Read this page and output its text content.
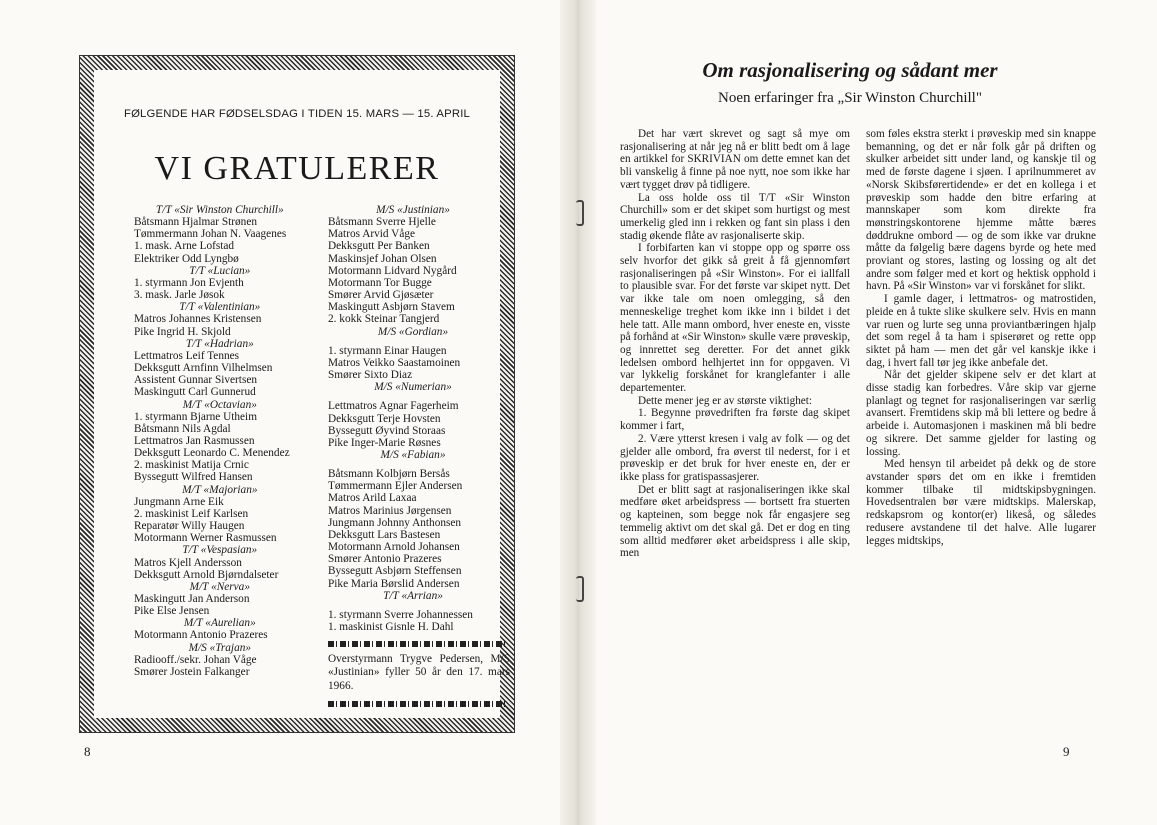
FØLGENDE HAR FØDSELSDAG I TIDEN 15. MARS — 15. APRIL
VI GRATULERER
T/T «Sir Winston Churchill»
Båtsmann Hjalmar Strønen
Tømmermann Johan N. Vaagenes
1. mask. Arne Lofstad
Elektriker Odd Lyngbø
T/T «Lucian»
1. styrmann Jon Evjenth
3. mask. Jarle Jøsok
T/T «Valentinian»
Matros Johannes Kristensen
Pike Ingrid H. Skjold
T/T «Hadrian»
Lettmatros Leif Tennes
Dekksgutt Arnfinn Vilhelmsen
Assistent Gunnar Sivertsen
Maskingutt Carl Gunnerud
M/T «Octavian»
1. styrmann Bjarne Utheim
Båtsmann Nils Agdal
Lettmatros Jan Rasmussen
Dekksgutt Leonardo C. Menendez
2. maskinist Matija Crnic
Byssegutt Wilfred Hansen
M/T «Majorian»
Jungmann Arne Eik
2. maskinist Leif Karlsen
Reparatør Willy Haugen
Motormann Werner Rasmussen
T/T «Vespasian»
Matros Kjell Andersson
Dekksgutt Arnold Bjørndalseter
M/T «Nerva»
Maskingutt Jan Anderson
Pike Else Jensen
M/T «Aurelian»
Motormann Antonio Prazeres
M/S «Trajan»
Radiooff./sekr. Johan Våge
Smører Jostein Falkanger
M/S «Justinian»
Båtsmann Sverre Hjelle
Matros Arvid Våge
Dekksgutt Per Banken
Maskinsjef Johan Olsen
Motormann Lidvard Nygård
Motormann Tor Bugge
Smører Arvid Gjøsæter
Maskingutt Asbjørn Stavem
2. kokk Steinar Tangjerd
M/S «Gordian»
1. styrmann Einar Haugen
Matros Veikko Saastamoinen
Smører Sixto Diaz
M/S «Numerian»
Lettmatros Agnar Fagerheim
Dekksgutt Terje Hovsten
Byssegutt Øyvind Storaas
Pike Inger-Marie Røsnes
M/S «Fabian»
Båtsmann Kolbjørn Bersås
Tømmermann Ejler Andersen
Matros Arild Laxaa
Matros Marinius Jørgensen
Jungmann Johnny Anthonsen
Dekksgutt Lars Bastesen
Motormann Arnold Johansen
Smører Antonio Prazeres
Byssegutt Asbjørn Steffensen
Pike Maria Børslid Andersen
T/T «Arrian»
1. styrmann Sverre Johannessen
1. maskinist Gisnle H. Dahl
Overstyrmann Trygve Pedersen, M/S «Justinian» fyller 50 år den 17. mars 1966.
8
Om rasjonalisering og sådant mer
Noen erfaringer fra „Sir Winston Churchill"

Det har vært skrevet og sagt så mye om rasjonalisering at når jeg nå er blitt bedt om å lage en artikkel for SKRIVIAN om dette emnet kan det bli vanskelig å finne på noe nytt, noe som ikke har vært tygget drøv på tidligere.

La oss holde oss til T/T «Sir Winston Churchill» som er det skipet som hurtigst og mest umerkelig gled inn i rekken og fant sin plass i den stadig økende flåte av rasjonaliserte skip.

I forbifarten kan vi stoppe opp og spørre oss selv hvorfor det gikk så greit å få gjennomført rasjonaliseringen på «Sir Winston». For ei iallfall to plausible svar. For det første var skipet nytt. Det var ikke tale om noen omlegging, så den menneskelige treghet kom ikke inn i bildet i det hele tatt. Alle mann ombord, hver eneste en, visste på forhånd at «Sir Winston» skulle være prøveskip, og innrettet seg deretter. For det annet gikk ledelsen ombord helhjertet inn for oppgaven. Vi var lykkelig forskånet for kranglefanter i alle departementer.

Dette mener jeg er av største viktighet:

1. Begynne prøvedriften fra første dag skipet kommer i fart,

2. Være ytterst kresen i valg av folk — og det gjelder alle ombord, fra øverst til nederst, for i et prøveskip er det bruk for hver eneste en, der er ikke plass for gratispassasjerer.

Det er blitt sagt at rasjonaliseringen ikke skal medføre øket arbeidspress — bortsett fra stuerten og kapteinen, som begge nok får engasjere seg temmelig aktivt om det skal gå. Det er dog en ting som alltid medfører øket arbeidspress i alle skip, men

som føles ekstra sterkt i prøveskip med sin knappe bemanning, og det er når folk går på driften og skulker arbeidet sitt under land, og kanskje til og med de første dagene i sjøen. I aprilnummeret av «Norsk Skibsførertidende» er det en kollega i et prøveskip som hadde den bitre erfaring at mannskaper som kom direkte fra mønstringskontorene hjemme måtte bæres døddrukne ombord — og de som ikke var drukne måtte da følgelig bære dagens byrde og hete med proviant og stores, lasting og lossing og alt det andre som følger med et kort og hektisk opphold i havn. På «Sir Winston» var vi forskånet for slikt.

I gamle dager, i lettmatros- og matrostiden, pleide en å tukte slike skulkere selv. Hvis en mann var ruen og lurte seg unna proviantbæringen hjalp det som regel å ta ham i spiserøret og rette opp siktet på ham — men det går vel kanskje ikke i dag, i hvert fall tør jeg ikke anbefale det.

Når det gjelder skipene selv er det klart at disse stadig kan forbedres. Våre skip var gjerne planlagt og tegnet for rasjonaliseringen var særlig avansert. Fremtidens skip må bli lettere og bedre å arbeide i. Automasjonen i maskinen må bli bedre og sikrere. Det samme gjelder for lasting og lossing.

Med hensyn til arbeidet på dekk og de store avstander spørs det om en ikke i fremtiden kommer tilbake til midtskipsbygningen. Hovedsentralen bør være midtskips. Malerskap, redskapsrom og kontor(er) likeså, og således redusere avstandene til det halve. Alle lugarer legges midtskips,

9
